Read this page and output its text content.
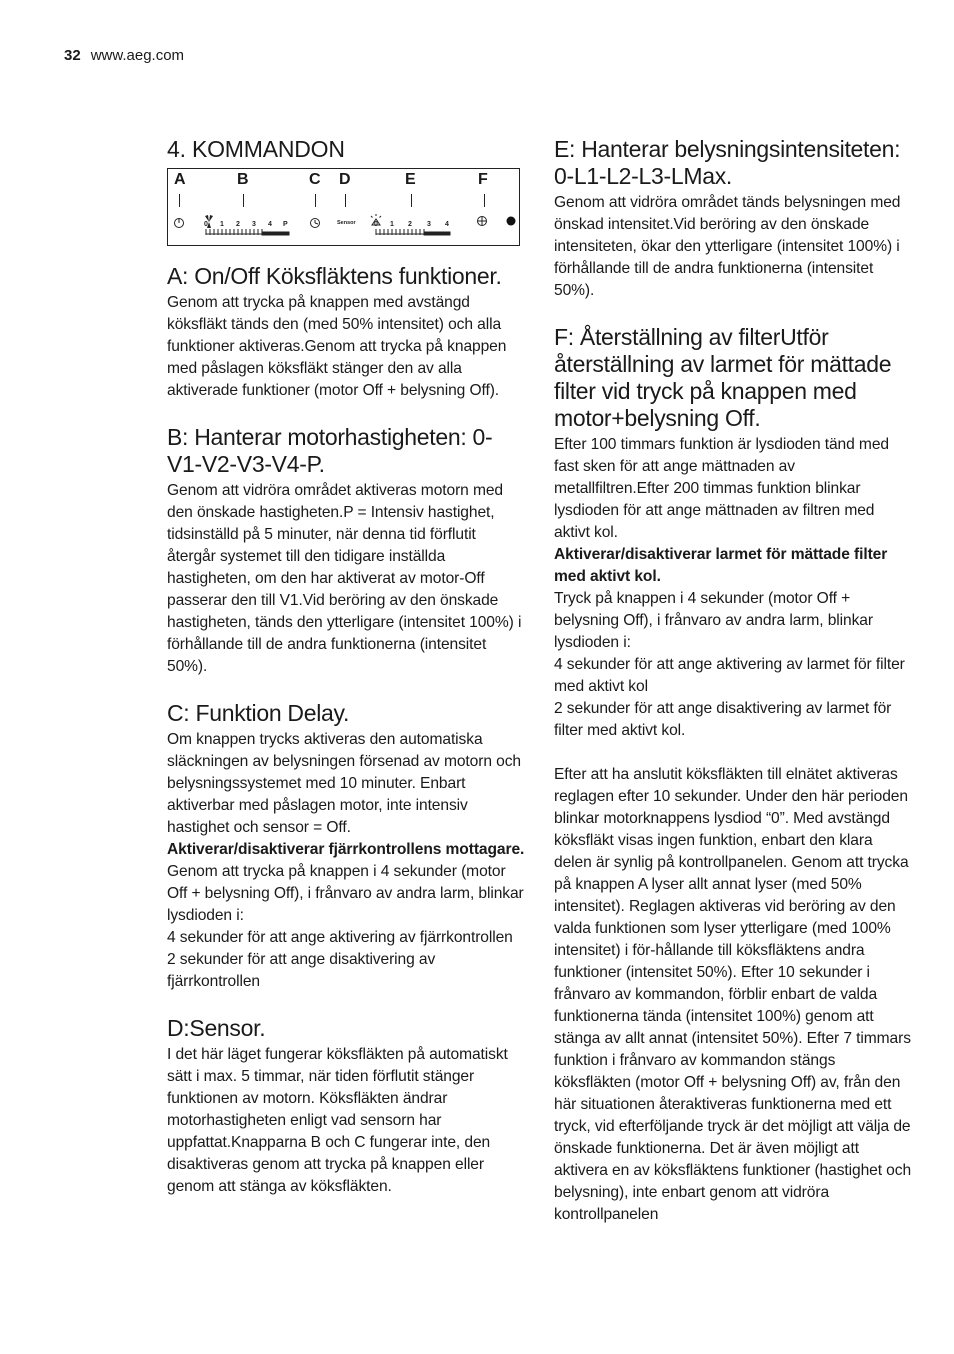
32 www.aeg.com
4. KOMMANDON
A	B	C D	E	F
0 1 2 3 4 P	0 1 2 3 4
Sensor
A: On/Off Köksfläktens funktioner.

Genom att trycka på knappen med avstängd köksfläkt tänds den (med 50% intensitet) och alla funktioner aktiveras.Genom att trycka på knappen med påslagen köksfläkt stänger den av alla aktiverade funktioner (motor Off + belysning Off).

B: Hanterar motorhastigheten: 0-V1-V2-V3-V4-P.

Genom att vidröra området aktiveras motorn med den önskade hastigheten.P = Intensiv hastighet, tidsinställd på 5 minuter, när denna tid förflutit återgår systemet till den tidigare inställda hastigheten, om den har aktiverat av motor-Off passerar den till V1.Vid beröring av den önskade hastigheten, tänds den ytterligare (intensitet 100%) i förhållande till de andra funktionerna (intensitet 50%).

C: Funktion Delay.

Om knappen trycks aktiveras den automatiska släckningen av belysningen försenad av motorn och belysningssystemet med 10 minuter. Enbart aktiverbar med påslagen motor, inte intensiv hastighet och sensor = Off.

Aktiverar/disaktiverar fjärrkontrollens mottagare.

Genom att trycka på knappen i 4 sekunder (motor Off + belysning Off), i frånvaro av andra larm, blinkar lysdioden i:

4 sekunder för att ange aktivering av fjärrkontrollen

2 sekunder för att ange disaktivering av fjärrkontrollen

D:Sensor.

I det här läget fungerar köksfläkten på automatiskt sätt i max. 5 timmar, när tiden förflutit stänger funktionen av motorn. Köksfläkten ändrar motorhastigheten enligt vad sensorn har uppfattat.Knapparna B och C fungerar inte, den disaktiveras genom att trycka på knappen eller genom att stänga av köksfläkten.

E: Hanterar belysningsintensiteten: 0-L1-L2-L3-LMax.

Genom att vidröra området tänds belysningen med önskad intensitet.Vid beröring av den önskade intensiteten, ökar den ytterligare (intensitet 100%) i förhållande till de andra funktionerna (intensitet 50%).

F: Återställning av filterUtför återställning av larmet för mättade filter vid tryck på knappen med motor+belysning Off.

Efter 100 timmars funktion är lysdioden tänd med fast sken för att ange mättnaden av metallfiltren.Efter 200 timmas funktion blinkar lysdioden för att ange mättnaden av filtren med aktivt kol.

Aktiverar/disaktiverar larmet för mättade filter med aktivt kol.

Tryck på knappen i 4 sekunder (motor Off + belysning Off), i frånvaro av andra larm, blinkar lysdioden i:

4 sekunder för att ange aktivering av larmet för filter med aktivt kol

2 sekunder för att ange disaktivering av larmet för filter med aktivt kol.

Efter att ha anslutit köksfläkten till elnätet aktiveras reglagen efter 10 sekunder. Under den här perioden blinkar motorknappens lysdiod “0”. Med avstängd köksfläkt visas ingen funktion, enbart den klara delen är synlig på kontrollpanelen. Genom att trycka på knappen A lyser allt annat lyser (med 50% intensitet). Reglagen aktiveras vid beröring av den valda funktionen som lyser ytterligare (med 100% intensitet) i för-hållande till köksfläktens andra funktioner (intensitet 50%). Efter 10 sekunder i frånvaro av kommandon, förblir enbart de valda funktionerna tända (intensitet 100%) genom att stänga av allt annat (intensitet 50%). Efter 7 timmars funktion i frånvaro av kommandon stängs köksfläkten (motor Off + belysning Off) av, från den här situationen återaktiveras funktionerna med ett tryck, vid efterföljande tryck är det möjligt att välja de önskade funktionerna. Det är även möjligt att aktivera en av köksfläktens funktioner (hastighet och belysning), inte enbart genom att vidröra kontrollpanelen
